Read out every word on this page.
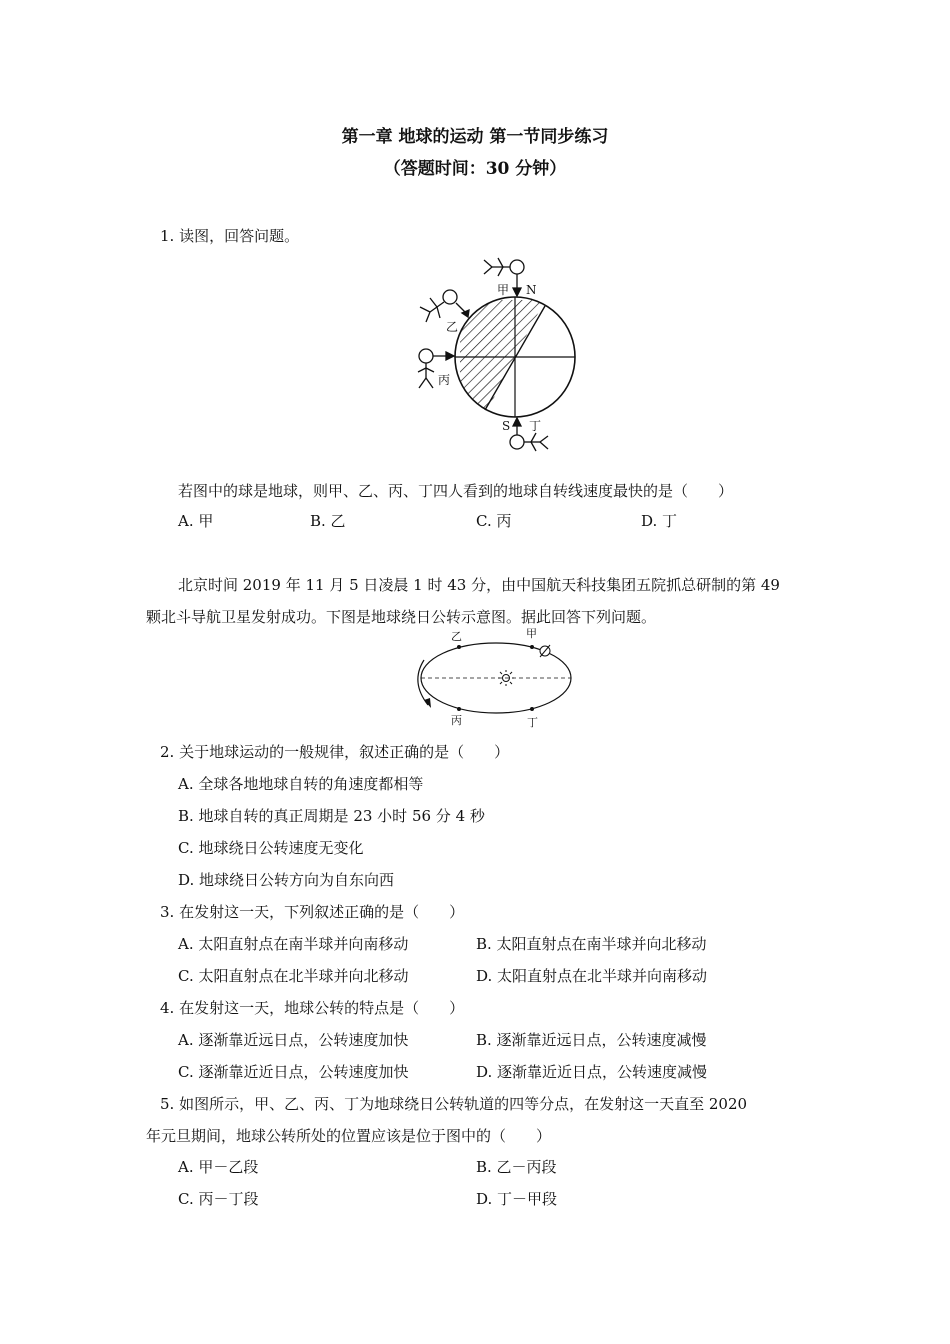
第一章 地球的运动 第一节同步练习
（答题时间：30 分钟）
1. 读图，回答问题。
甲 N
乙
丙
S 丁
若图中的球是地球，则甲、乙、丙、丁四人看到的地球自转线速度最快的是（　　）
A. 甲	B. 乙	C. 丙	D. 丁
北京时间 2019 年 11 月 5 日凌晨 1 时 43 分，由中国航天科技集团五院抓总研制的第 49
颗北斗导航卫星发射成功。下图是地球绕日公转示意图。据此回答下列问题。
乙	甲
丙	丁
2. 关于地球运动的一般规律，叙述正确的是（　　）
A. 全球各地地球自转的角速度都相等
B. 地球自转的真正周期是 23 小时 56 分 4 秒
C. 地球绕日公转速度无变化
D. 地球绕日公转方向为自东向西
3. 在发射这一天，下列叙述正确的是（　　）
A. 太阳直射点在南半球并向南移动	B. 太阳直射点在南半球并向北移动
C. 太阳直射点在北半球并向北移动	D. 太阳直射点在北半球并向南移动
4. 在发射这一天，地球公转的特点是（　　）
A. 逐渐靠近远日点，公转速度加快	B. 逐渐靠近远日点，公转速度减慢
C. 逐渐靠近近日点，公转速度加快	D. 逐渐靠近近日点，公转速度减慢
5. 如图所示，甲、乙、丙、丁为地球绕日公转轨道的四等分点，在发射这一天直至 2020
年元旦期间，地球公转所处的位置应该是位于图中的（　　）
A. 甲－乙段	B. 乙－丙段
C. 丙－丁段	D. 丁－甲段
